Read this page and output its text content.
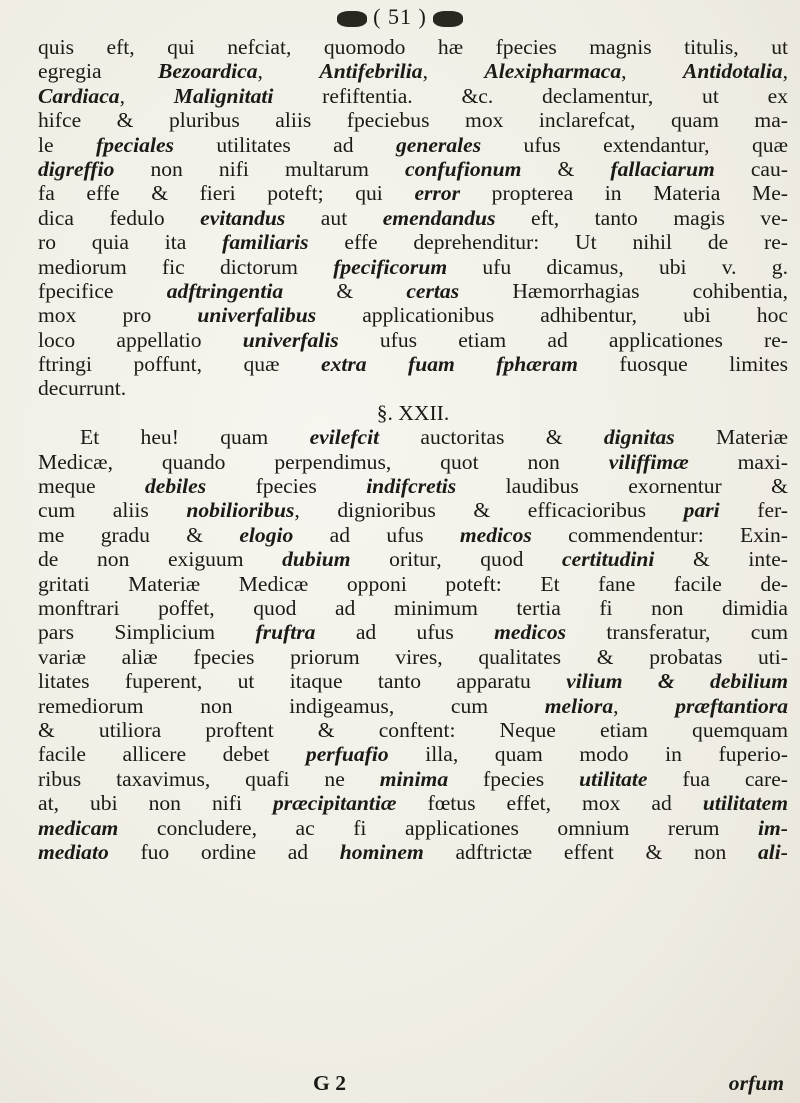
( 51 )
quis eft, qui nefciat, quomodo hæ fpecies magnis titulis, ut
egregia Bezoardica, Antifebrilia, Alexipharmaca, Antidotalia,
Cardiaca, Malignitati refiftentia. &c. declamentur, ut ex
hifce & pluribus aliis fpeciebus mox inclarefcat, quam ma-
le fpeciales utilitates ad generales ufus extendantur, quæ
digreffio non nifi multarum confufionum & fallaciarum cau-
fa effe & fieri poteft; qui error propterea in Materia Me-
dica fedulo evitandus aut emendandus eft, tanto magis ve-
ro quia ita familiaris effe deprehenditur: Ut nihil de re-
mediorum fic dictorum fpecificorum ufu dicamus, ubi v. g.
fpecifice adftringentia & certas Hæmorrhagias cohibentia,
mox pro univerfalibus applicationibus adhibentur, ubi hoc
loco appellatio univerfalis ufus etiam ad applicationes re-
ftringi poffunt, quæ extra fuam fphæram fuosque limites
decurrunt.
§. XXII.
Et heu! quam evilefcit auctoritas & dignitas Materiæ
Medicæ, quando perpendimus, quot non viliffimæ maxi-
meque debiles fpecies indifcretis laudibus exornentur &
cum aliis nobilioribus, dignioribus & efficacioribus pari fer-
me gradu & elogio ad ufus medicos commendentur: Exin-
de non exiguum dubium oritur, quod certitudini & inte-
gritati Materiæ Medicæ opponi poteft: Et fane facile de-
monftrari poffet, quod ad minimum tertia fi non dimidia
pars Simplicium fruftra ad ufus medicos transferatur, cum
variæ aliæ fpecies priorum vires, qualitates & probatas uti-
litates fuperent, ut itaque tanto apparatu vilium & debilium
remediorum non indigeamus, cum meliora, præftantiora
& utiliora proftent & conftent: Neque etiam quemquam
facile allicere debet perfuafio illa, quam modo in fuperio-
ribus taxavimus, quafi ne minima fpecies utilitate fua care-
at, ubi non nifi præcipitantiæ fœtus effet, mox ad utilitatem
medicam concludere, ac fi applicationes omnium rerum im-
mediato fuo ordine ad hominem adftrictæ effent & non ali-
G 2	orfum
